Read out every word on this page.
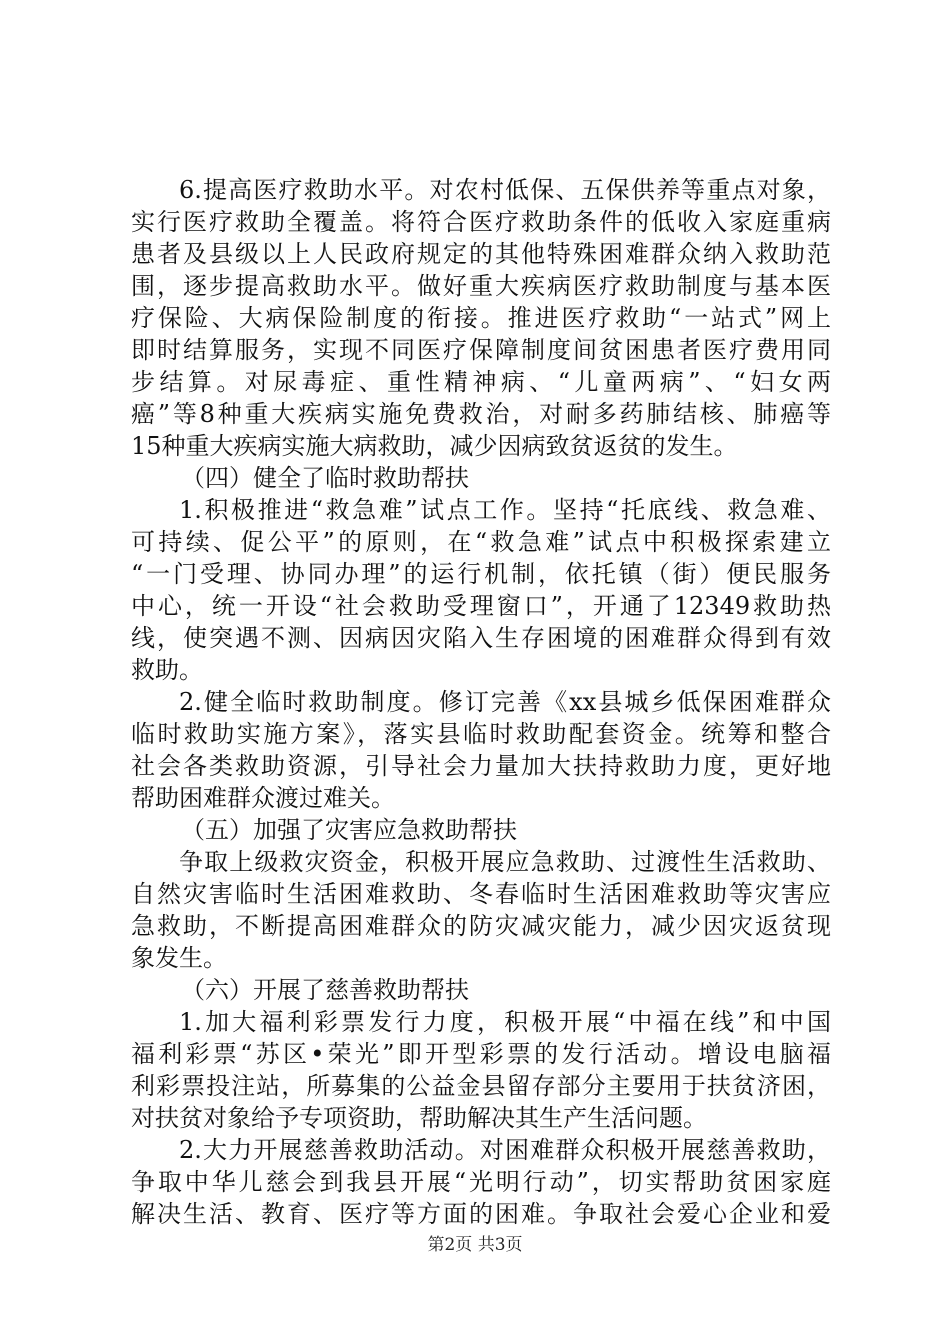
6.提高医疗救助水平。对农村低保、五保供养等重点对象，
实行医疗救助全覆盖。将符合医疗救助条件的低收入家庭重病
患者及县级以上人民政府规定的其他特殊困难群众纳入救助范
围，逐步提高救助水平。做好重大疾病医疗救助制度与基本医
疗保险、大病保险制度的衔接。推进医疗救助“一站式”网上
即时结算服务，实现不同医疗保障制度间贫困患者医疗费用同
步结算。对尿毒症、重性精神病、“儿童两病”、“妇女两
癌”等8种重大疾病实施免费救治，对耐多药肺结核、肺癌等
15种重大疾病实施大病救助，减少因病致贫返贫的发生。
（四）健全了临时救助帮扶
1.积极推进“救急难”试点工作。坚持“托底线、救急难、
可持续、促公平”的原则，在“救急难”试点中积极探索建立
“一门受理、协同办理”的运行机制，依托镇（街）便民服务
中心，统一开设“社会救助受理窗口”，开通了12349救助热
线，使突遇不测、因病因灾陷入生存困境的困难群众得到有效
救助。
2.健全临时救助制度。修订完善《xx县城乡低保困难群众
临时救助实施方案》，落实县临时救助配套资金。统筹和整合
社会各类救助资源，引导社会力量加大扶持救助力度，更好地
帮助困难群众渡过难关。
（五）加强了灾害应急救助帮扶
争取上级救灾资金，积极开展应急救助、过渡性生活救助、
自然灾害临时生活困难救助、冬春临时生活困难救助等灾害应
急救助，不断提高困难群众的防灾减灾能力，减少因灾返贫现
象发生。
（六）开展了慈善救助帮扶
1.加大福利彩票发行力度，积极开展“中福在线”和中国
福利彩票“苏区•荣光”即开型彩票的发行活动。增设电脑福
利彩票投注站，所募集的公益金县留存部分主要用于扶贫济困，
对扶贫对象给予专项资助，帮助解决其生产生活问题。
2.大力开展慈善救助活动。对困难群众积极开展慈善救助，
争取中华儿慈会到我县开展“光明行动”，切实帮助贫困家庭
解决生活、教育、医疗等方面的困难。争取社会爱心企业和爱
第2页 共3页
